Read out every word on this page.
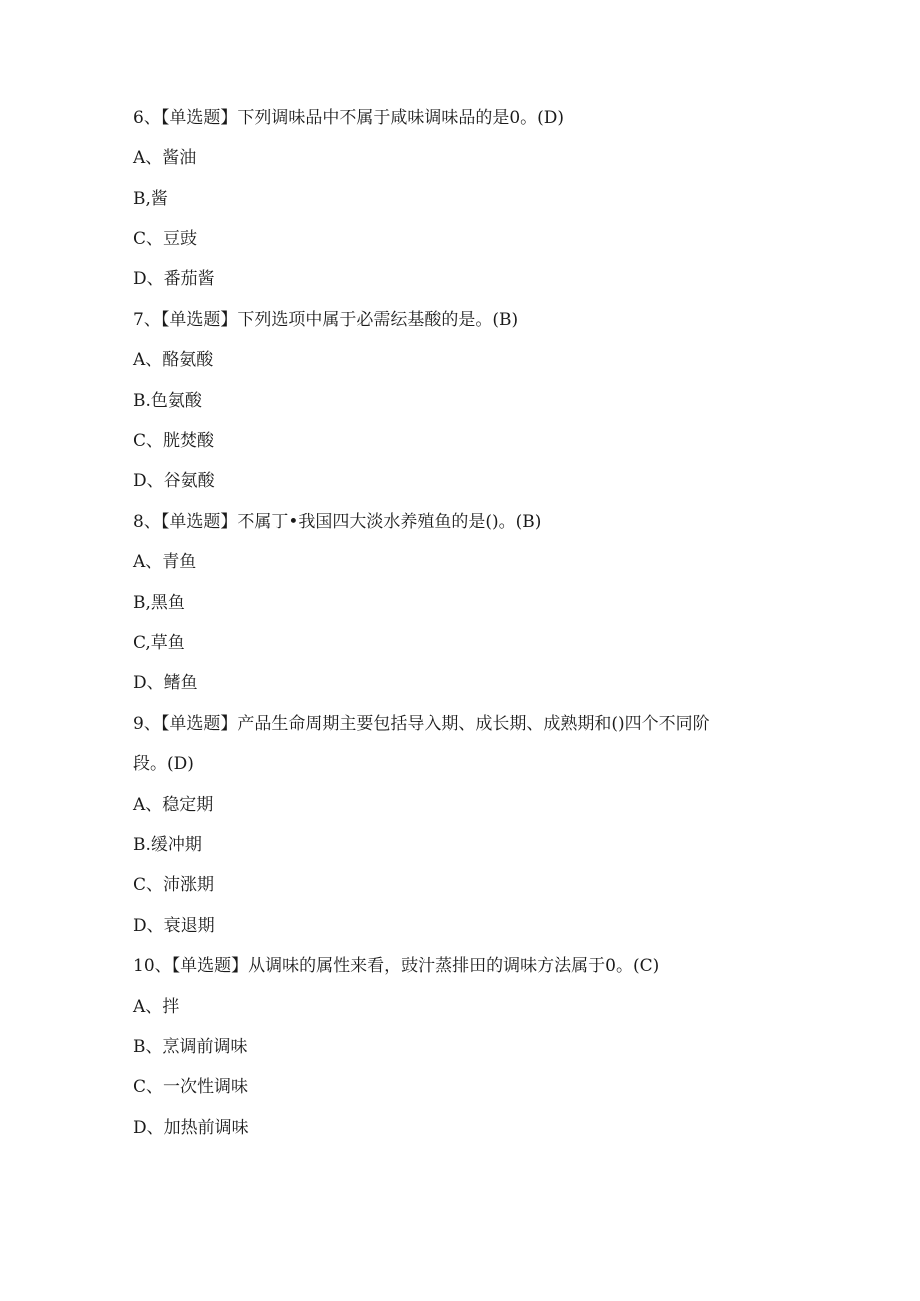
6、【单选题】下列调味品中不属于咸味调味品的是0。(D)
A、酱油
B,酱
C、豆豉
D、番茄酱
7、【单选题】下列选项中属于必需纭基酸的是。(B)
A、酪氨酸
B.色氨酸
C、胱焚酸
D、谷氨酸
8、【单选题】不属丁•我国四大淡水养殖鱼的是()。(B)
A、青鱼
B,黑鱼
C,草鱼
D、鳍鱼
9、【单选题】产品生命周期主要包括导入期、成长期、成熟期和()四个不同阶
段。(D)
A、稳定期
B.缓冲期
C、沛涨期
D、衰退期
10、【单选题】从调味的属性来看，豉汁蒸排田的调味方法属于0。(C)
A、拌
B、烹调前调味
C、一次性调味
D、加热前调味
